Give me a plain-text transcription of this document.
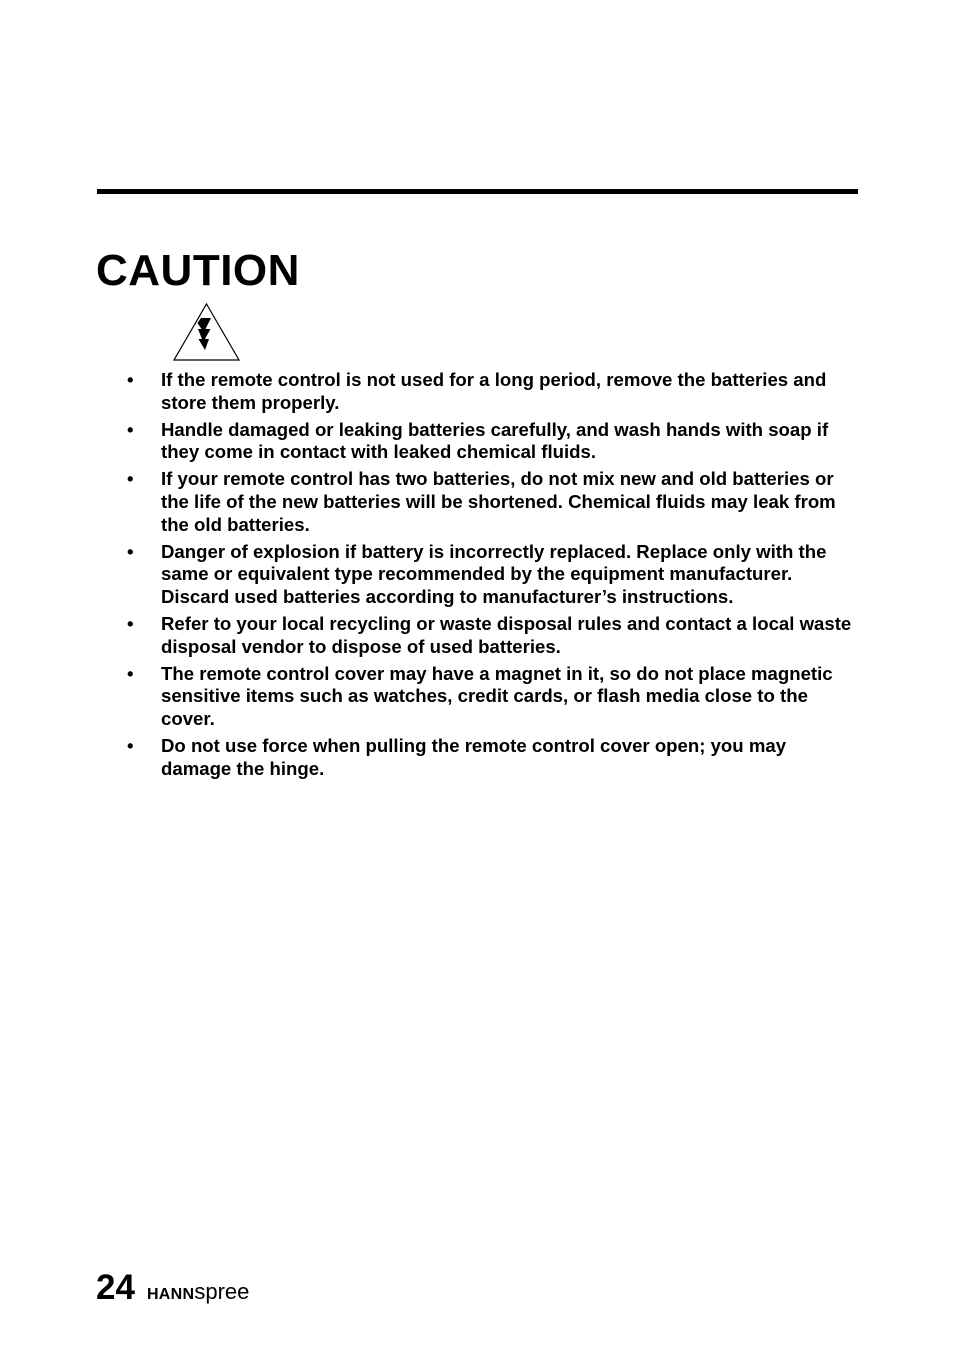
CAUTION
• If the remote control is not used for a long period, remove the batteries and store them properly.
• Handle damaged or leaking batteries carefully, and wash hands with soap if they come in contact with leaked chemical fluids.
• If your remote control has two batteries, do not mix new and old batteries or the life of the new batteries will be shortened. Chemical fluids may leak from the old batteries.
• Danger of explosion if battery is incorrectly replaced. Replace only with the same or equivalent type recommended by the equipment manufacturer. Discard used batteries according to manufacturer’s instructions.
• Refer to your local recycling or waste disposal rules and contact a local waste disposal vendor to dispose of used batteries.
• The remote control cover may have a magnet in it, so do not place magnetic sensitive items such as watches, credit cards, or flash media close to the cover.
• Do not use force when pulling the remote control cover open; you may damage the hinge.
24 HANNspree
